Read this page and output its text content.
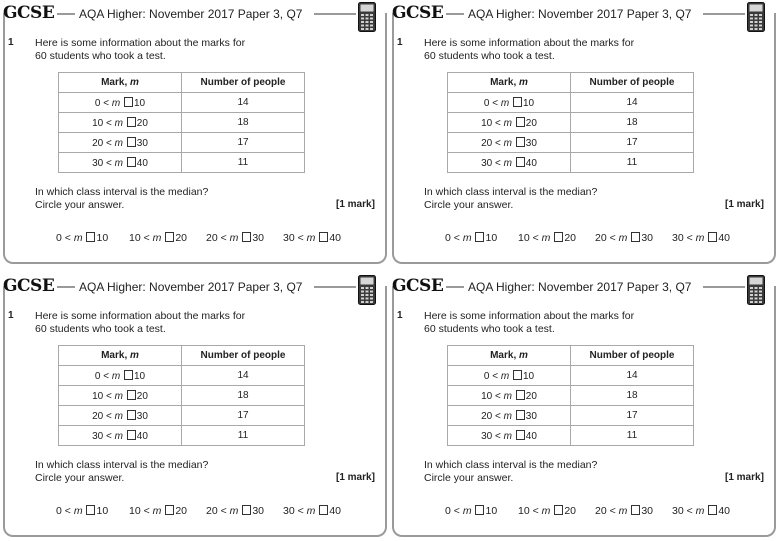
GCSE AQA Higher: November 2017 Paper 3, Q7
1 Here is some information about the marks for
60 students who took a test.
Mark, m	Number of people
0 < m 10	14
10 < m 20	18
20 < m 30	17
30 < m 40	11
In which class interval is the median?
Circle your answer.	[1 mark]
0 < m 10 10 < m 20 20 < m 30 30 < m 40
GCSE AQA Higher: November 2017 Paper 3, Q7
1 Here is some information about the marks for
60 students who took a test.
Mark, m	Number of people
0 < m 10	14
10 < m 20	18
20 < m 30	17
30 < m 40	11
In which class interval is the median?
Circle your answer.	[1 mark]
0 < m 10 10 < m 20 20 < m 30 30 < m 40
GCSE AQA Higher: November 2017 Paper 3, Q7
1 Here is some information about the marks for
60 students who took a test.
Mark, m	Number of people
0 < m 10	14
10 < m 20	18
20 < m 30	17
30 < m 40	11
In which class interval is the median?
Circle your answer.	[1 mark]
0 < m 10 10 < m 20 20 < m 30 30 < m 40
GCSE AQA Higher: November 2017 Paper 3, Q7
1 Here is some information about the marks for
60 students who took a test.
Mark, m	Number of people
0 < m 10	14
10 < m 20	18
20 < m 30	17
30 < m 40	11
In which class interval is the median?
Circle your answer.	[1 mark]
0 < m 10 10 < m 20 20 < m 30 30 < m 40
